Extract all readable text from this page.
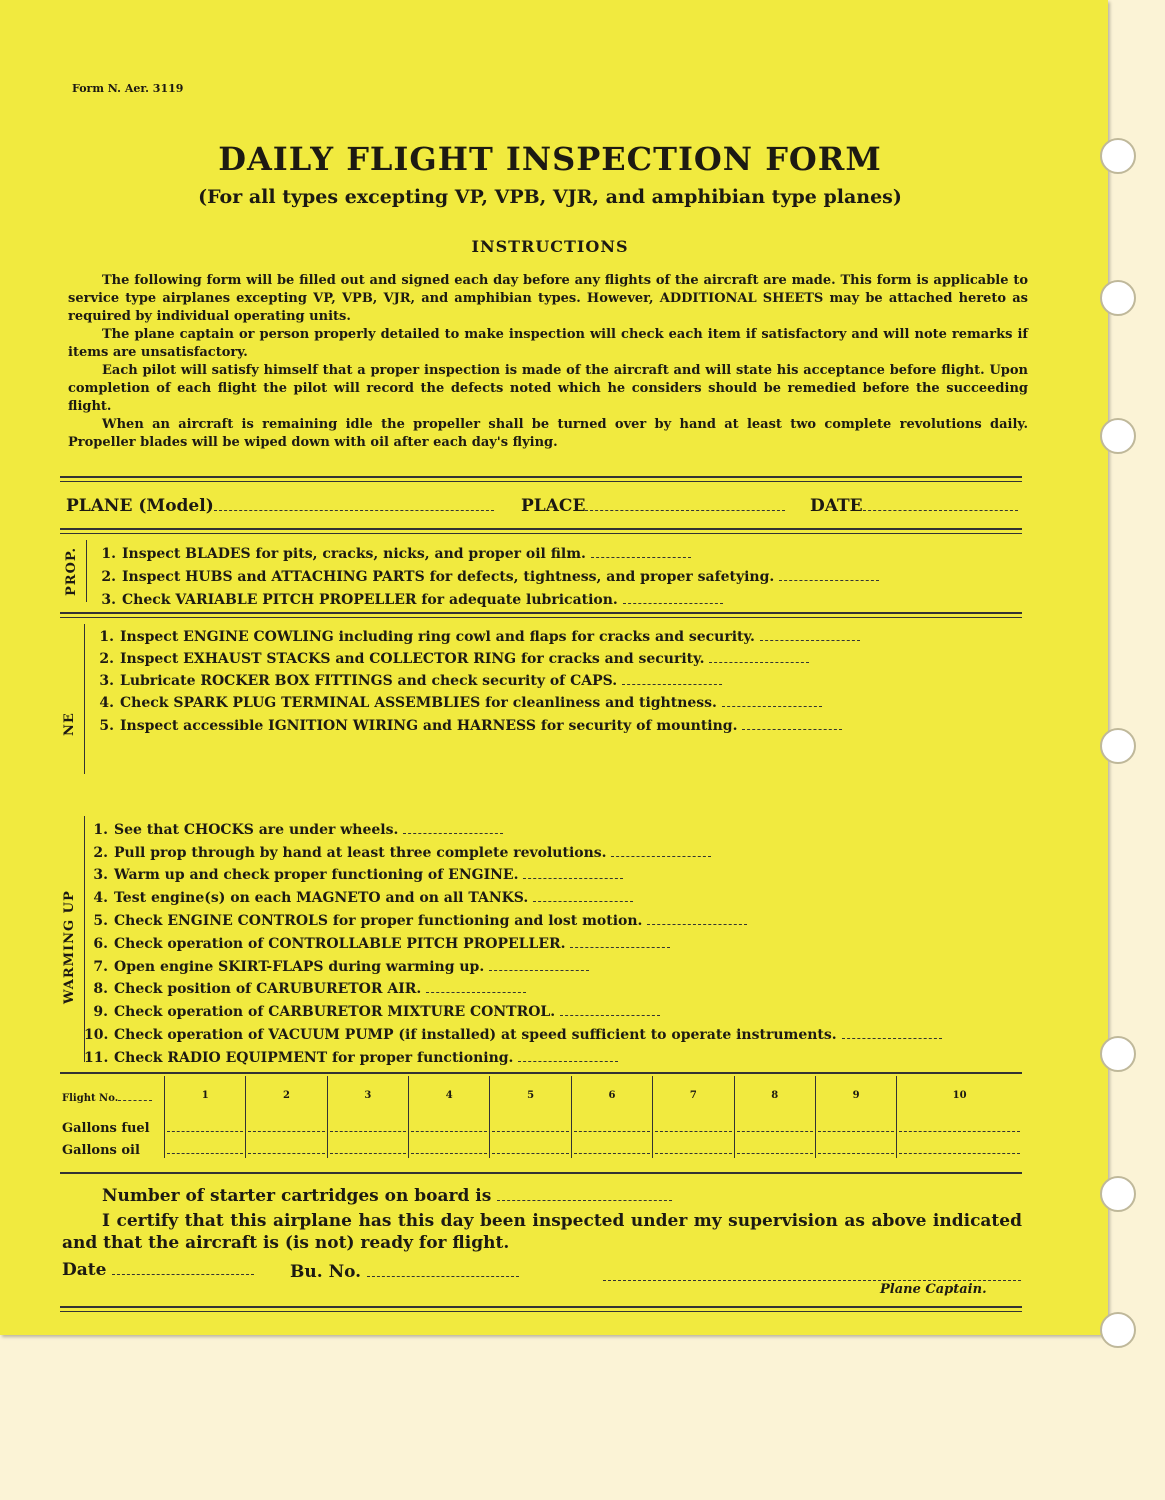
Form N. Aer. 3119
DAILY FLIGHT INSPECTION FORM
(For all types excepting VP, VPB, VJR, and amphibian type planes)
INSTRUCTIONS

The following form will be filled out and signed each day before any flights of the aircraft are made. This form is applicable to service type airplanes excepting VP, VPB, VJR, and amphibian types. However, ADDITIONAL SHEETS may be attached hereto as required by individual operating units.

The plane captain or person properly detailed to make inspection will check each item if satisfactory and will note remarks if items are unsatisfactory.

Each pilot will satisfy himself that a proper inspection is made of the aircraft and will state his acceptance before flight. Upon completion of each flight the pilot will record the defects noted which he considers should be remedied before the succeeding flight.

When an aircraft is remaining idle the propeller shall be turned over by hand at least two complete revolutions daily. Propeller blades will be wiped down with oil after each day's flying.

PLANE (Model)	PLACE	DATE
PROP.	1. Inspect BLADES for pits, cracks, nicks, and proper oil film.
2. Inspect HUBS and ATTACHING PARTS for defects, tightness, and proper safetying.
3. Check VARIABLE PITCH PROPELLER for adequate lubrication.
NE
1. Inspect ENGINE COWLING including ring cowl and flaps for cracks and security.
2. Inspect EXHAUST STACKS and COLLECTOR RING for cracks and security.
3. Lubricate ROCKER BOX FITTINGS and check security of CAPS.
4. Check SPARK PLUG TERMINAL ASSEMBLIES for cleanliness and tightness.
5. Inspect accessible IGNITION WIRING and HARNESS for security of mounting.
WARMING UP
1. See that CHOCKS are under wheels.
2. Pull prop through by hand at least three complete revolutions.
3. Warm up and check proper functioning of ENGINE.
4. Test engine(s) on each MAGNETO and on all TANKS.
5. Check ENGINE CONTROLS for proper functioning and lost motion.
6. Check operation of CONTROLLABLE PITCH PROPELLER.
7. Open engine SKIRT-FLAPS during warming up.
8. Check position of CARUBURETOR AIR.
9. Check operation of CARBURETOR MIXTURE CONTROL.
10. Check operation of VACUUM PUMP (if installed) at speed sufficient to operate instruments.
11. Check RADIO EQUIPMENT for proper functioning.
Flight No.	1	2	3	4	5	6	7	8	9	10
Gallons fuel	

Gallons oil	

Number of starter cartridges on board is
I certify that this airplane has this day been inspected under my supervision as above indicated and that the aircraft is (is not) ready for flight.
Date	Bu. No.
Plane Captain.
